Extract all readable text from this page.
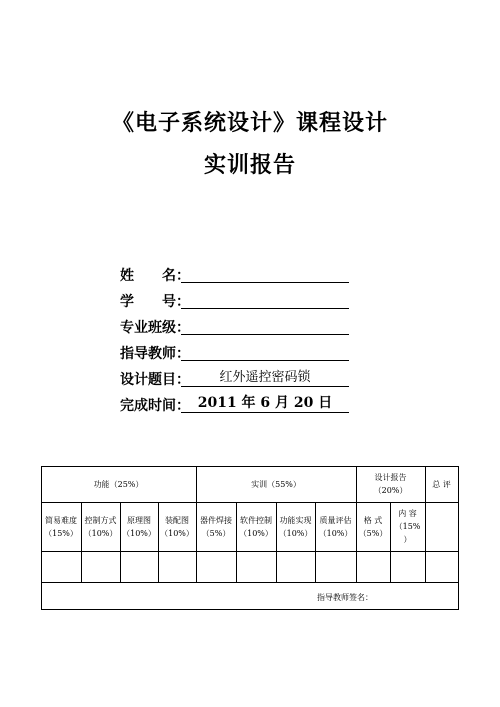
《电子系统设计》课程设计
实训报告
姓　　名：
学　　号：
专业班级：
指导教师：
设计题目：	红外遥控密码锁
完成时间： 2011 年 6 月 20 日
功能（25%）	实训（55%）
设计报告
（20%）
总 评
简易难度
（15%）
控制方式
（10%）
原理图
（10%）
装配图
（10%）
器件焊接
（5%）
软件控制
（10%）
功能实现
（10%）
质量评估
（10%）
格 式
（5%）
内 容
（15%
）
指导教师签名：
